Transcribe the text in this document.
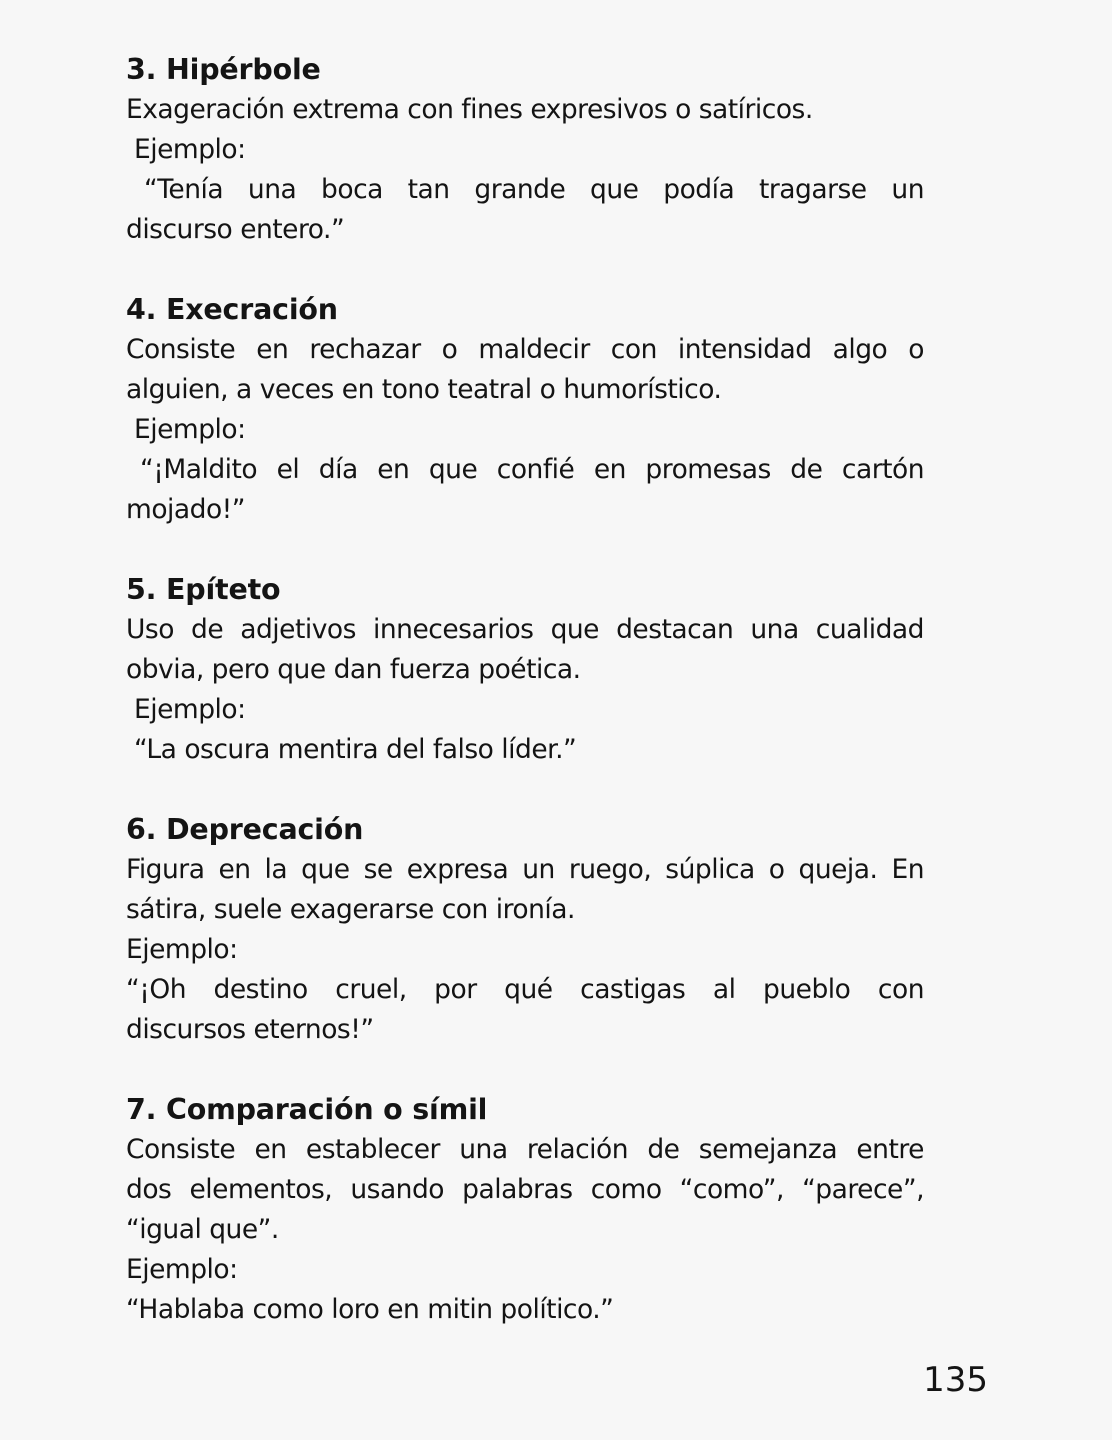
3. Hipérbole
Exageración extrema con fines expresivos o satíricos.
Ejemplo:
“Tenía una boca tan grande que podía tragarse un
discurso entero.”
4. Execración
Consiste en rechazar o maldecir con intensidad algo o
alguien, a veces en tono teatral o humorístico.
Ejemplo:
“¡Maldito el día en que confié en promesas de cartón
mojado!”
5. Epíteto
Uso de adjetivos innecesarios que destacan una cualidad
obvia, pero que dan fuerza poética.
Ejemplo:
“La oscura mentira del falso líder.”
6. Deprecación
Figura en la que se expresa un ruego, súplica o queja. En
sátira, suele exagerarse con ironía.
Ejemplo:
“¡Oh destino cruel, por qué castigas al pueblo con
discursos eternos!”
7. Comparación o símil
Consiste en establecer una relación de semejanza entre
dos elementos, usando palabras como “como”, “parece”,
“igual que”.
Ejemplo:
“Hablaba como loro en mitin político.”
135
